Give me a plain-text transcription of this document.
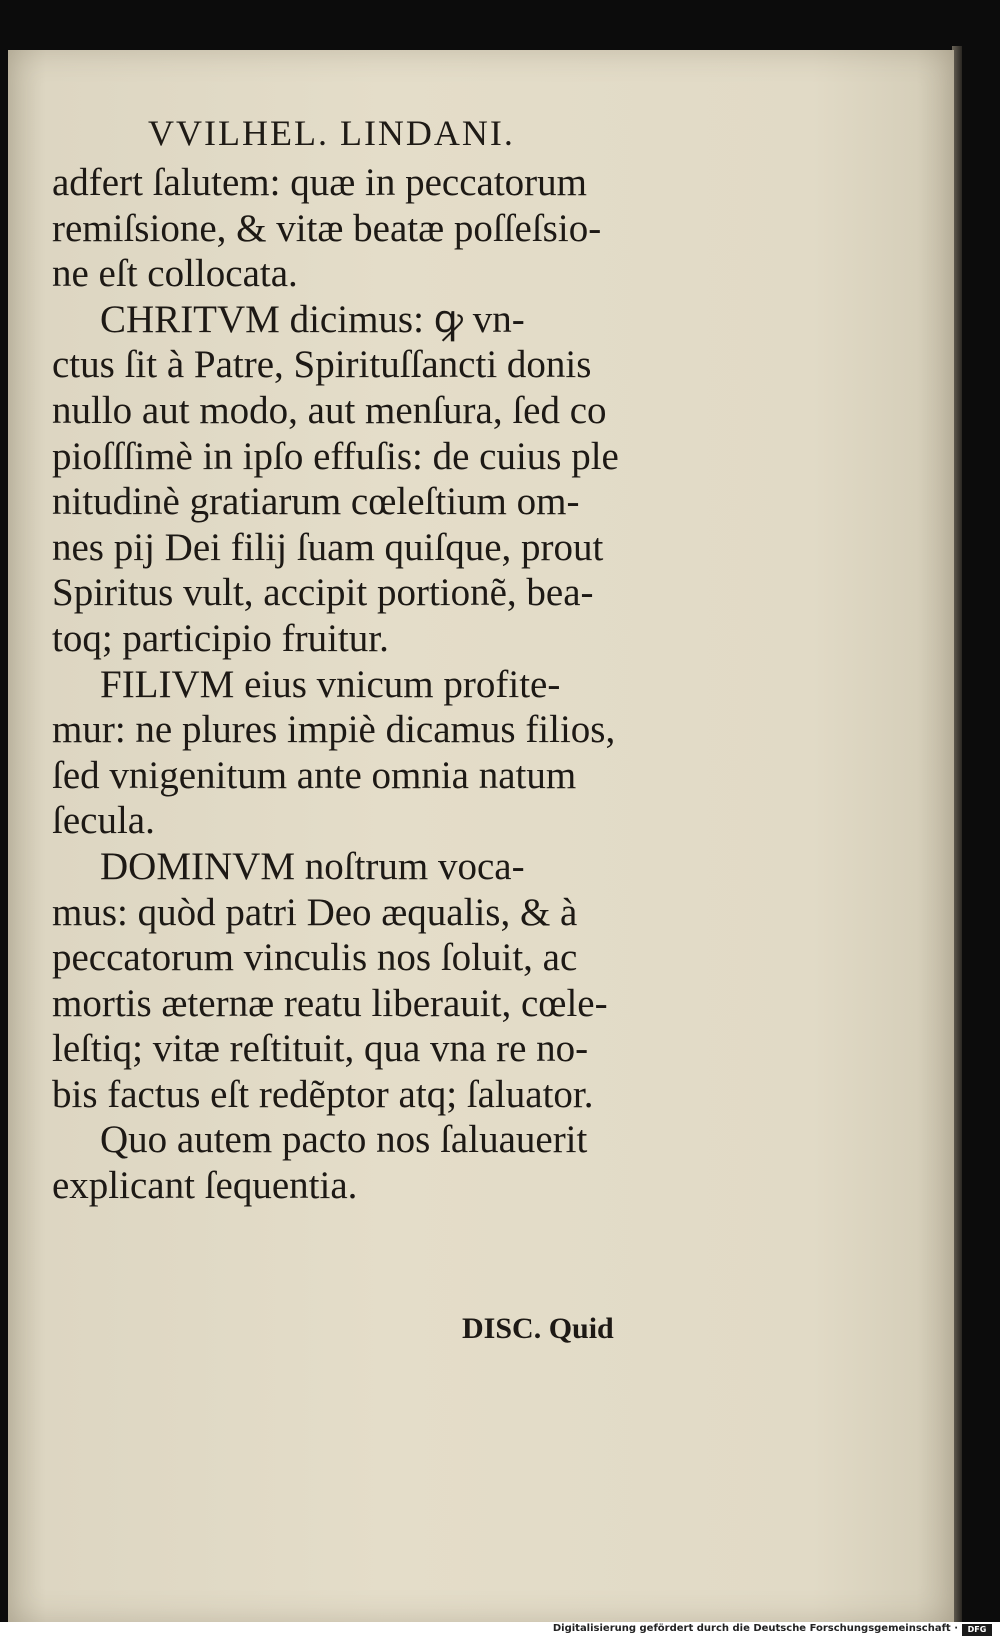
VVILHEL. LINDANI.
adfert ſalutem: quæ in peccatorum
remiſsione, & vitæ beatæ poſſeſsio-
ne eſt collocata.
CHRITVM dicimus: ꝙ vn-
ctus ſit à Patre, Spirituſſancti donis
nullo aut modo, aut menſura, ſed co
pioſſſimè in ipſo effuſis: de cuius ple
nitudinè gratiarum cœleſtium om-
nes pij Dei filij ſuam quiſque, prout
Spiritus vult, accipit portionẽ, bea-
toq; participio fruitur.
FILIVM eius vnicum profite-
mur: ne plures impiè dicamus filios,
ſed vnigenitum ante omnia natum
ſecula.
DOMINVM noſtrum voca-
mus: quòd patri Deo æqualis, & à
peccatorum vinculis nos ſoluit, ac
mortis æternæ reatu liberauit, cœle-
leſtiq; vitæ reſtituit, qua vna re no-
bis factus eſt redẽptor atq; ſaluator.
Quo autem pacto nos ſaluauerit
explicant ſequentia.
DISC. Quid
Digitalisierung gefördert durch die Deutsche Forschungsgemeinschaft ·	DFG
